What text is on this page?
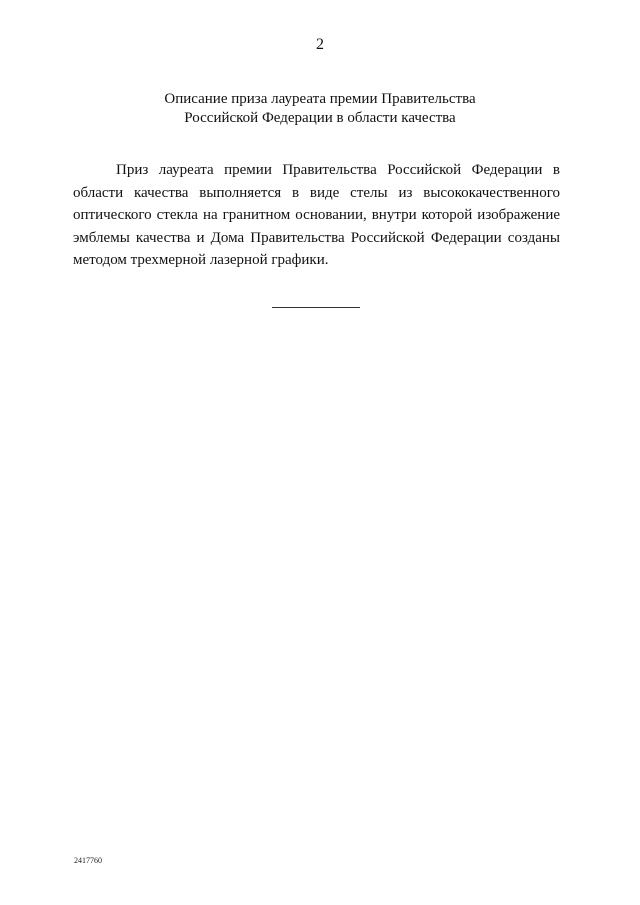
2
Описание приза лауреата премии Правительства
Российской Федерации в области качества

Приз лауреата премии Правительства Российской Федерации в области качества выполняется в виде стелы из высококачественного оптического стекла на гранитном основании, внутри которой изображение эмблемы качества и Дома Правительства Российской Федерации созданы методом трехмерной лазерной графики.

2417760
